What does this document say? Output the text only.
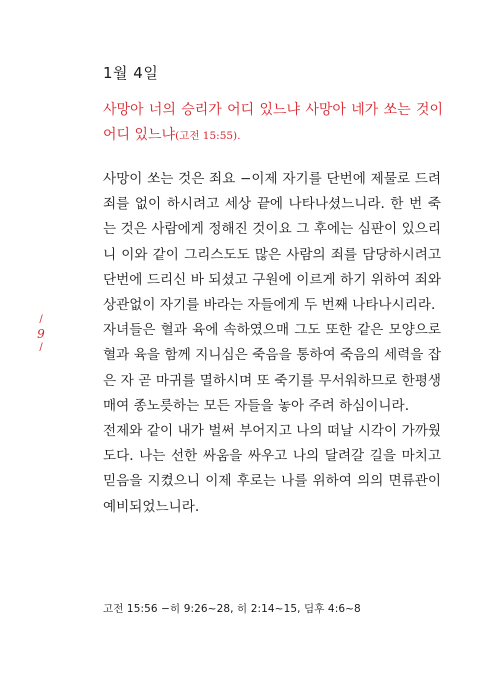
1월 4일
사망아 너의 승리가 어디 있느냐 사망아 네가 쏘는 것이 어디 있느냐(고전 15:55).

사망이 쏘는 것은 죄요 −이제 자기를 단번에 제물로 드려 죄를 없이 하시려고 세상 끝에 나타나셨느니라. 한 번 죽는 것은 사람에게 정해진 것이요 그 후에는 심판이 있으리니 이와 같이 그리스도도 많은 사람의 죄를 담당하시려고 단번에 드리신 바 되셨고 구원에 이르게 하기 위하여 죄와 상관없이 자기를 바라는 자들에게 두 번째 나타나시리라.

자녀들은 혈과 육에 속하였으매 그도 또한 같은 모양으로 혈과 육을 함께 지니심은 죽음을 통하여 죽음의 세력을 잡은 자 곧 마귀를 멸하시며 또 죽기를 무서워하므로 한평생 매여 종노릇하는 모든 자들을 놓아 주려 하심이니라.

전제와 같이 내가 벌써 부어지고 나의 떠날 시각이 가까웠도다. 나는 선한 싸움을 싸우고 나의 달려갈 길을 마치고 믿음을 지켰으니 이제 후로는 나를 위하여 의의 면류관이 예비되었느니라.

/
9
/
고전 15:56 −히 9:26~28, 히 2:14~15, 딤후 4:6~8
